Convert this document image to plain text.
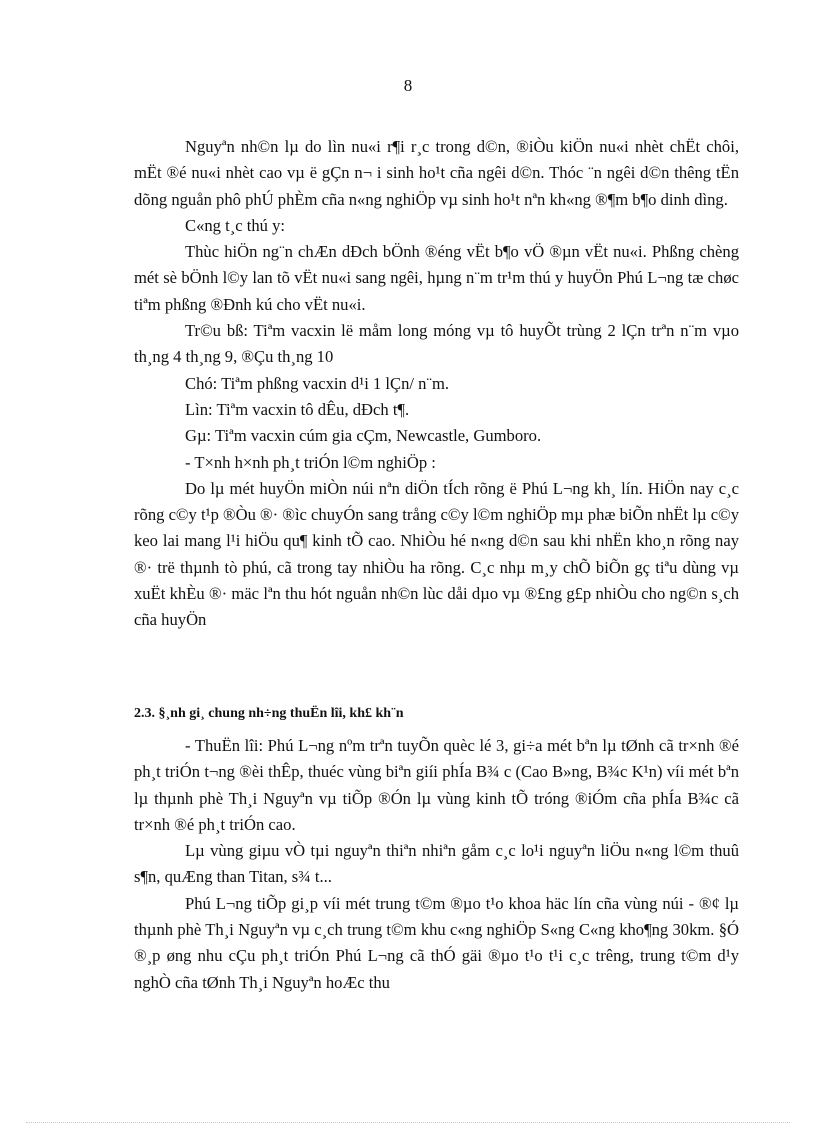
8

Nguyªn nh©n lµ do lìn nu«i r¶i r¸c trong d©n, ®iÒu kiÖn nu«i nhèt chËt chôi, mËt ®é nu«i nhèt cao vµ ë gÇn n¬ i sinh ho¹t cña ngêi d©n. Thóc ¨n ngêi d©n thêng tËn dõng nguån phô phÚ phÈm cña n«ng nghiÖp vµ sinh ho¹t nªn kh«ng ®¶m b¶o dinh dìng.

C«ng t¸c thú y:

Thùc hiÖn ng¨n chÆn dÐch bÖnh ®éng vËt b¶o vÖ ®µn vËt nu«i. Phßng chèng mét sè bÖnh l©y lan tõ vËt nu«i sang ngêi, hµng n¨m tr¹m thú y huyÖn Phú L¬ng tæ chøc tiªm phßng ®Ðnh kú cho vËt nu«i.

Tr©u bß: Tiªm vacxin lë måm long móng vµ tô huyÕt trùng 2 lÇn trªn n¨m vµo th¸ng 4 th¸ng 9, ®Çu th¸ng 10

Chó: Tiªm phßng vacxin d¹i 1 lÇn/ n¨m.

Lìn: Tiªm vacxin tô dÊu, dÐch t¶.

Gµ: Tiªm vacxin cúm gia cÇm, Newcastle, Gumboro.

- T×nh h×nh ph¸t triÓn l©m nghiÖp :

Do lµ mét huyÖn miÒn núi nªn diÖn tÍch rõng ë Phú L¬ng kh¸ lín. HiÖn nay c¸c rõng c©y t¹p ®Òu ®· ®ìc chuyÓn sang trång c©y l©m nghiÖp mµ phæ biÕn nhËt lµ c©y keo lai mang l¹i hiÖu qu¶ kinh tÕ cao. NhiÒu hé n«ng d©n sau khi nhËn kho¸n rõng nay ®· trë thµnh tò phú, cã trong tay nhiÒu ha rõng. C¸c nhµ m¸y chÕ biÕn gç tiªu dùng vµ xuËt khÈu ®· mäc lªn thu hót nguån nh©n lùc dåi dµo vµ ®£ng g£p nhiÒu cho ng©n s¸ch cña huyÖn

2.3. §¸nh gi¸ chung nh÷ng thuËn lîi, kh£ kh¨n

- ThuËn lîi: Phú L¬ng nºm trªn tuyÕn quèc lé 3, gi÷a mét bªn lµ tØnh cã tr×nh ®é ph¸t triÓn t¬ng ®èi thÊp, thuéc vùng biªn giíi phÍa B¾ c (Cao B»ng, B¾c K¹n) víi mét bªn lµ thµnh phè Th¸i Nguyªn vµ tiÕp ®Ón lµ vùng kinh tÕ tróng ®iÓm cña phÍa B¾c cã tr×nh ®é ph¸t triÓn cao.

Lµ vùng giµu vÒ tµi nguyªn thiªn nhiªn gåm c¸c lo¹i nguyªn liÖu n«ng l©m thuû s¶n, quÆng than Titan, s¾ t...

Phú L¬ng tiÕp gi¸p víi mét trung t©m ®µo t¹o khoa häc lín cña vùng núi - ®¢ lµ thµnh phè Th¸i Nguyªn vµ c¸ch trung t©m khu c«ng nghiÖp S«ng C«ng kho¶ng 30km. §Ó ®¸p øng nhu cÇu ph¸t triÓn Phú L¬ng cã thÓ gäi ®µo t¹o t¹i c¸c trêng, trung t©m d¹y nghÒ cña tØnh Th¸i Nguyªn hoÆc thu
